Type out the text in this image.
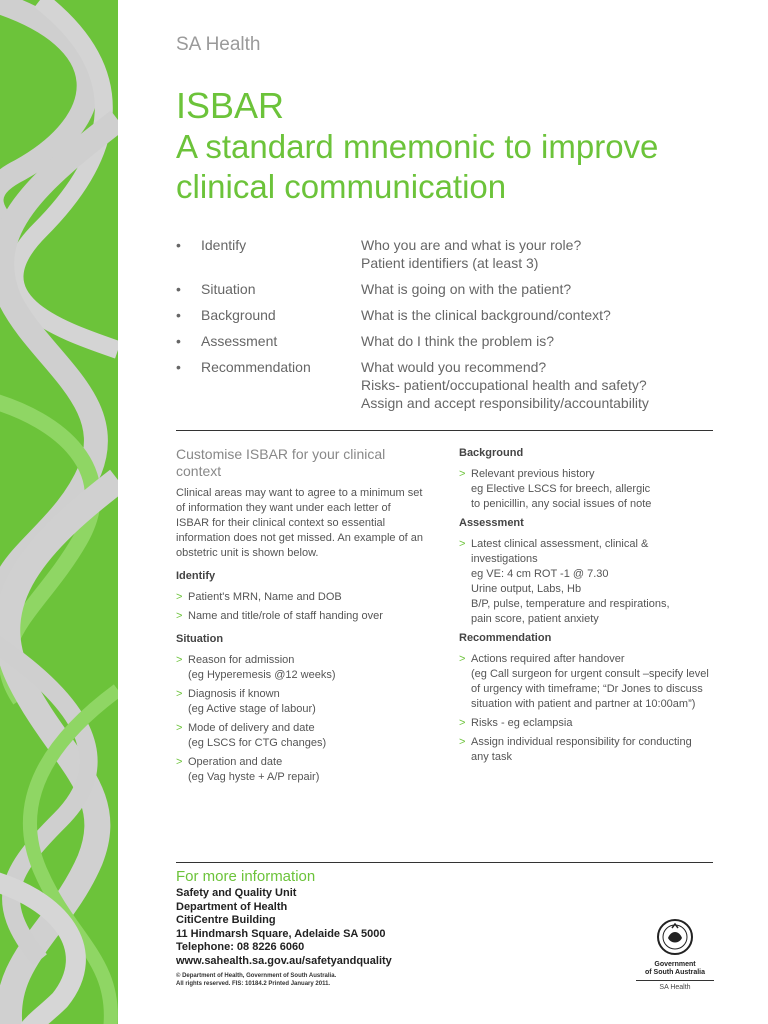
SA Health
ISBAR
A standard mnemonic to improve clinical communication
•	Identify	Who you are and what is your role?
Patient identifiers (at least 3)
•	Situation	What is going on with the patient?
•	Background	What is the clinical background/context?
•	Assessment	What do I think the problem is?
•	Recommendation	What would you recommend?
Risks- patient/occupational health and safety?
Assign and accept responsibility/accountability
Customise ISBAR for your clinical context
Clinical areas may want to agree to a minimum set of information they want under each letter of ISBAR for their clinical context so essential information does not get missed. An example of an obstetric unit is shown below.
Identify
> Patient's MRN, Name and DOB
> Name and title/role of staff handing over
Situation
> Reason for admission
(eg Hyperemesis @12 weeks)
> Diagnosis if known
(eg Active stage of labour)
> Mode of delivery and date
(eg LSCS for CTG changes)
> Operation and date
(eg Vag hyste + A/P repair)
Background
> Relevant previous history
eg Elective LSCS for breech, allergic
to penicillin, any social issues of note
Assessment
> Latest clinical assessment, clinical &
investigations
eg VE: 4 cm ROT -1 @ 7.30
Urine output, Labs, Hb
B/P, pulse, temperature and respirations,
pain score, patient anxiety
Recommendation
> Actions required after handover
(eg Call surgeon for urgent consult –specify level
of urgency with timeframe; “Dr Jones to discuss
situation with patient and partner at 10:00am”)
> Risks - eg eclampsia
> Assign individual responsibility for conducting
any task
For more information
Safety and Quality Unit
Department of Health
CitiCentre Building
11 Hindmarsh Square, Adelaide SA 5000
Telephone: 08 8226 6060
www.sahealth.sa.gov.au/safetyandquality
© Department of Health, Government of South Australia.
All rights reserved. FIS: 10184.2 Printed January 2011.
Government
of South Australia
SA Health
